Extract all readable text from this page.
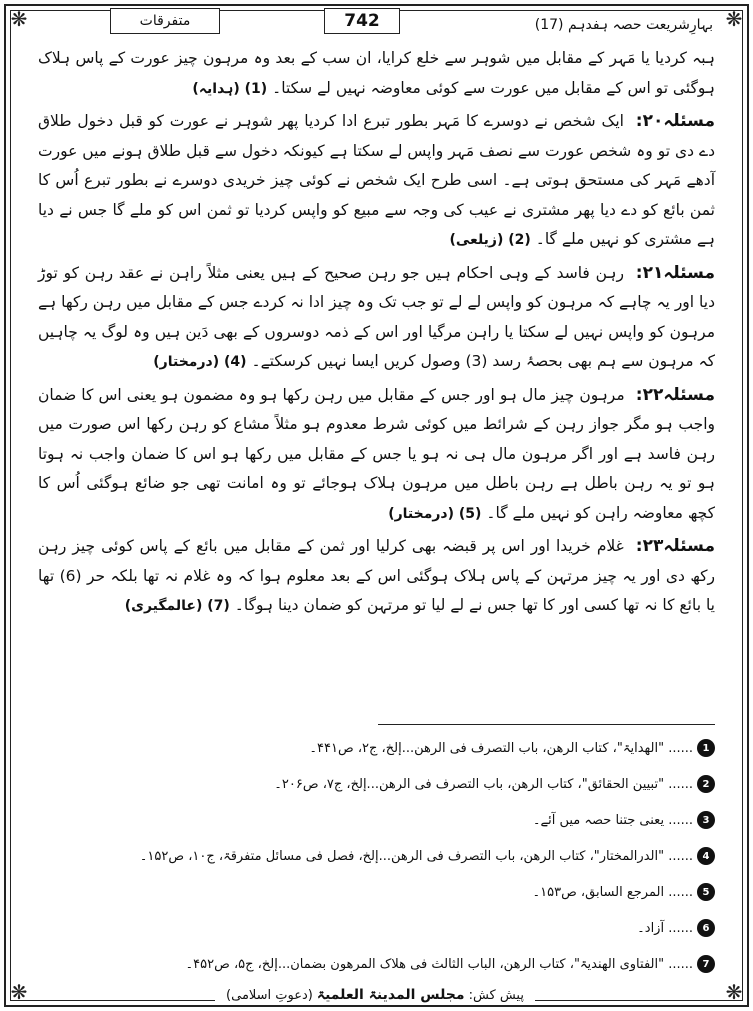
❋	❋
❋	❋
متفرقات	742	بہارِشریعت حصہ ہفدہم (17)

ہبہ کردیا یا مَہر کے مقابل میں شوہر سے خلع کرایا، ان سب کے بعد وہ مرہون چیز عورت کے پاس ہلاک ہوگئی تو اس کے مقابل میں عورت سے کوئی معاوضہ نہیں لے سکتا۔ (1) (ہدایہ)

مسئلہ۲۰: ایک شخص نے دوسرے کا مَہر بطور تبرع ادا کردیا پھر شوہر نے عورت کو قبل دخول طلاق دے دی تو وہ شخص عورت سے نصف مَہر واپس لے سکتا ہے کیونکہ دخول سے قبل طلاق ہونے میں عورت آدھے مَہر کی مستحق ہوتی ہے۔ اسی طرح ایک شخص نے کوئی چیز خریدی دوسرے نے بطور تبرع اُس کا ثمن بائع کو دے دیا پھر مشتری نے عیب کی وجہ سے مبیع کو واپس کردیا تو ثمن اس کو ملے گا جس نے دیا ہے مشتری کو نہیں ملے گا۔ (2) (زیلعی)

مسئلہ۲۱: رہن فاسد کے وہی احکام ہیں جو رہن صحیح کے ہیں یعنی مثلاً راہن نے عقد رہن کو توڑ دیا اور یہ چاہے کہ مرہون کو واپس لے لے تو جب تک وہ چیز ادا نہ کردے جس کے مقابل میں رہن رکھا ہے مرہون کو واپس نہیں لے سکتا یا راہن مرگیا اور اس کے ذمہ دوسروں کے بھی دَین ہیں وہ لوگ یہ چاہیں کہ مرہون سے ہم بھی بحصۂ رسد (3) وصول کریں ایسا نہیں کرسکتے۔ (4) (درمختار)

مسئلہ۲۲: مرہون چیز مال ہو اور جس کے مقابل میں رہن رکھا ہو وہ مضمون ہو یعنی اس کا ضمان واجب ہو مگر جواز رہن کے شرائط میں کوئی شرط معدوم ہو مثلاً مشاع کو رہن رکھا اس صورت میں رہن فاسد ہے اور اگر مرہون مال ہی نہ ہو یا جس کے مقابل میں رکھا ہو اس کا ضمان واجب نہ ہوتا ہو تو یہ رہن باطل ہے رہن باطل میں مرہون ہلاک ہوجائے تو وہ امانت تھی جو ضائع ہوگئی اُس کا کچھ معاوضہ راہن کو نہیں ملے گا۔ (5) (درمختار)

مسئلہ۲۳: غلام خریدا اور اس پر قبضہ بھی کرلیا اور ثمن کے مقابل میں بائع کے پاس کوئی چیز رہن رکھ دی اور یہ چیز مرتہن کے پاس ہلاک ہوگئی اس کے بعد معلوم ہوا کہ وہ غلام نہ تھا بلکہ حر (6) تھا یا بائع کا نہ تھا کسی اور کا تھا جس نے لے لیا تو مرتہن کو ضمان دینا ہوگا۔ (7) (عالمگیری)

1
...... "الھدایۃ"، کتاب الرھن، باب التصرف فی الرھن...إلخ، ج۲، ص۴۴۱۔
2
...... "تبیین الحقائق"، کتاب الرھن، باب التصرف فی الرھن...إلخ، ج۷، ص۲۰۶۔
3
...... یعنی جتنا حصہ میں آئے۔
4
...... "الدرالمختار"، کتاب الرھن، باب التصرف فی الرھن...إلخ، فصل فی مسائل متفرقۃ، ج۱۰، ص۱۵۲۔
5
...... المرجع السابق، ص۱۵۳۔
6
...... آزاد۔
7
...... "الفتاوی الھندیۃ"، کتاب الرھن، الباب الثالث فی ھلاک المرھون بضمان...إلخ، ج۵، ص۴۵۲۔
پیش کش:
مجلس المدینۃ العلمیۃ
(دعوتِ اسلامی)
